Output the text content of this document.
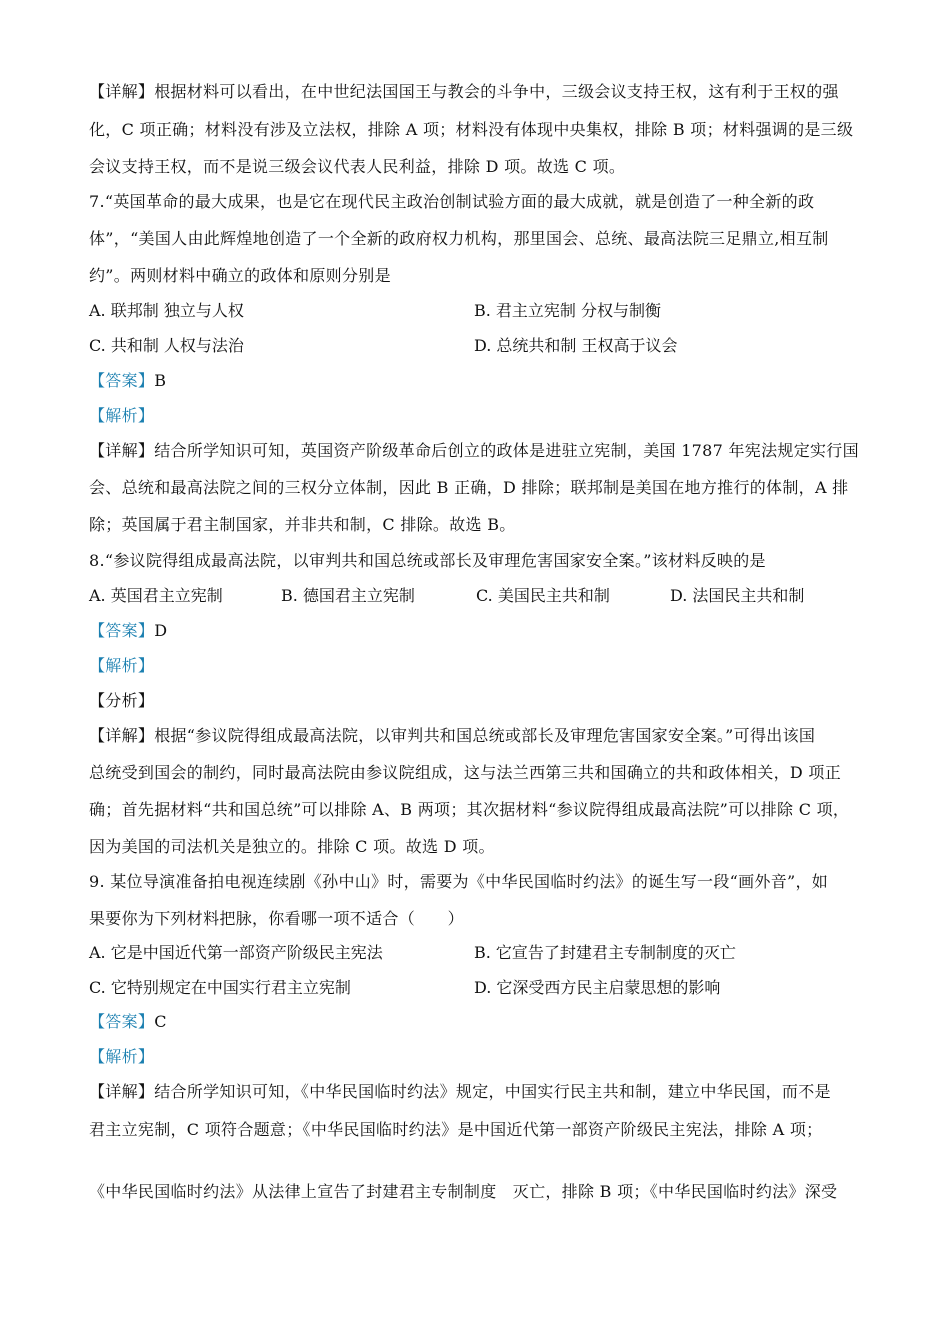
【详解】根据材料可以看出，在中世纪法国国王与教会的斗争中，三级会议支持王权，这有利于王权的强
化，C 项正确；材料没有涉及立法权，排除 A 项；材料没有体现中央集权，排除 B 项；材料强调的是三级
会议支持王权，而不是说三级会议代表人民利益，排除 D 项。故选 C 项。
7.“英国革命的最大成果，也是它在现代民主政治创制试验方面的最大成就，就是创造了一种全新的政
体”，“美国人由此辉煌地创造了一个全新的政府权力机构，那里国会、总统、最高法院三足鼎立,相互制
约”。两则材料中确立的政体和原则分别是
A. 联邦制 独立与人权	B. 君主立宪制 分权与制衡
C. 共和制 人权与法治	D. 总统共和制 王权高于议会
【答案】B
【解析】
【详解】结合所学知识可知，英国资产阶级革命后创立的政体是进驻立宪制，美国 1787 年宪法规定实行国
会、总统和最高法院之间的三权分立体制，因此 B 正确，D 排除；联邦制是美国在地方推行的体制，A 排
除；英国属于君主制国家，并非共和制，C 排除。故选 B。
8.“参议院得组成最高法院，以审判共和国总统或部长及审理危害国家安全案。”该材料反映的是
A. 英国君主立宪制	B. 德国君主立宪制	C. 美国民主共和制	D. 法国民主共和制
【答案】D
【解析】
【分析】
【详解】根据“参议院得组成最高法院，以审判共和国总统或部长及审理危害国家安全案。”可得出该国
总统受到国会的制约，同时最高法院由参议院组成，这与法兰西第三共和国确立的共和政体相关，D 项正
确；首先据材料“共和国总统”可以排除 A、B 两项；其次据材料“参议院得组成最高法院”可以排除 C 项，
因为美国的司法机关是独立的。排除 C 项。故选 D 项。
9. 某位导演准备拍电视连续剧《孙中山》时，需要为《中华民国临时约法》的诞生写一段“画外音”，如
果要你为下列材料把脉，你看哪一项不适合（　　）
A. 它是中国近代第一部资产阶级民主宪法	B. 它宣告了封建君主专制制度的灭亡
C. 它特别规定在中国实行君主立宪制	D. 它深受西方民主启蒙思想的影响
【答案】C
【解析】
【详解】结合所学知识可知，《中华民国临时约法》规定，中国实行民主共和制，建立中华民国，而不是
君主立宪制，C 项符合题意；《中华民国临时约法》是中国近代第一部资产阶级民主宪法，排除 A 项；
《中华民国临时约法》从法律上宣告了封建君主专制制度　灭亡，排除 B 项；《中华民国临时约法》深受
